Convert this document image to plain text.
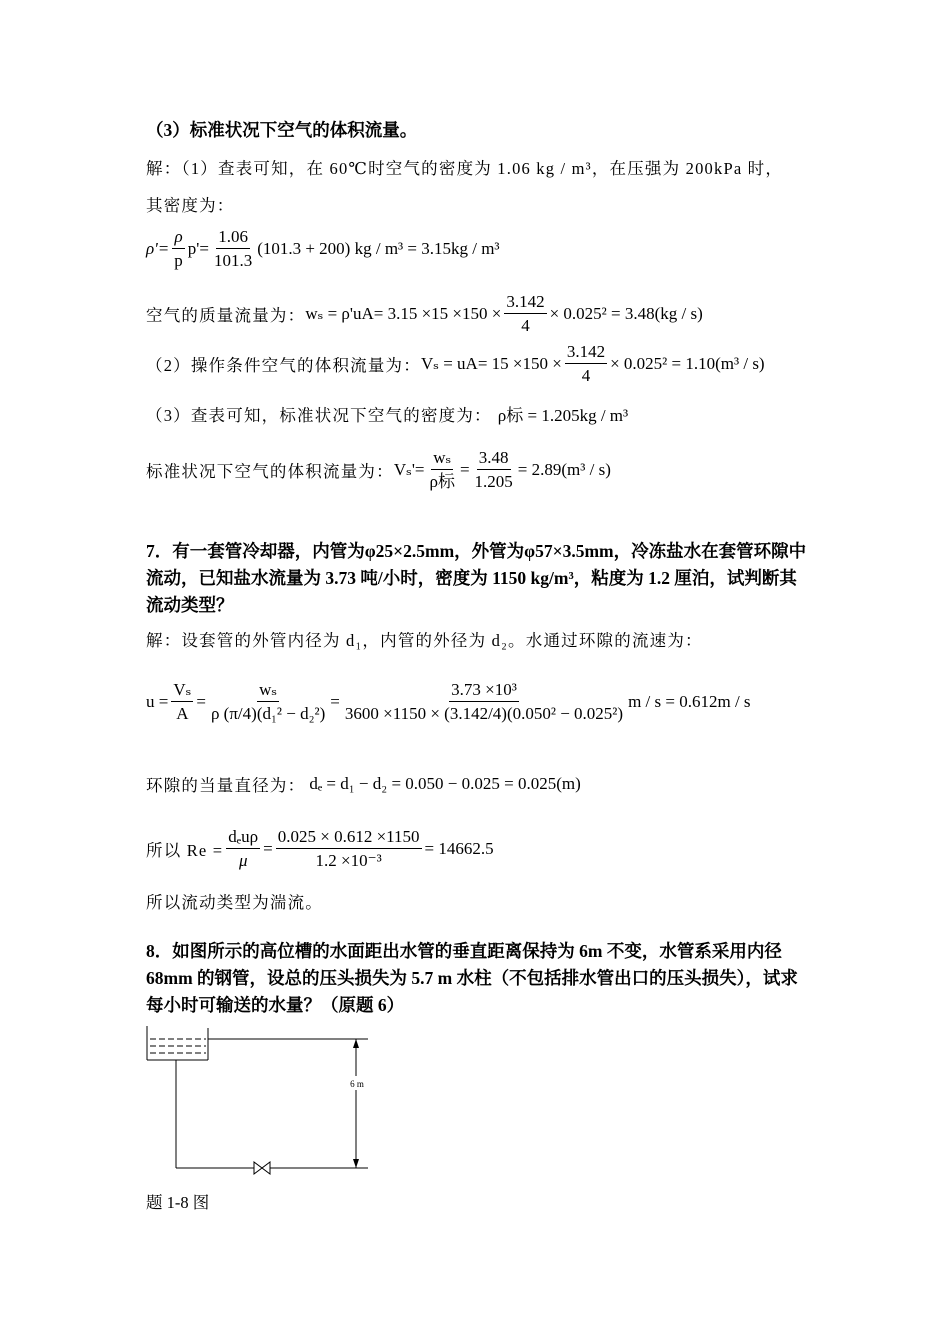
（3）标准状况下空气的体积流量。
解：（1）查表可知，在 60℃时空气的密度为 1.06 kg / m³，在压强为 200kPa 时，
其密度为：
$\rho'= \frac{\rho}{p} p'= \frac{1.06}{101.3} (101.3 + 200)$ kg / m³ = 3.15kg / m³
空气的质量流量为： $w_s = \rho'uA= 3.15 \times 15 \times 150 \times \frac{3.142}{4} \times 0.025^2 = 3.48(kg / s)$
（2）操作条件空气的体积流量为： $V_s = uA= 15 \times 150 \times \frac{3.142}{4} \times 0.025^2 = 1.10(m^3 / s)$
（3）查表可知，标准状况下空气的密度为： ρ标 = 1.205kg / m³
标准状况下空气的体积流量为： $V_s'= \frac{\text{wₛ}}{\text{ρ标}} = \frac{3.48}{1.205} = 2.89(m^3 / s)$
7．有一套管冷却器，内管为φ25×2.5mm，外管为φ57×3.5mm，冷冻盐水在套管环隙中流动，已知盐水流量为 3.73 吨/小时，密度为 1150 kg/m³，粘度为 1.2 厘泊，试判断其流动类型？
解：设套管的外管内径为 d₁，内管的外径为 d₂。水通过环隙的流速为：
$u = \frac{\text{Vₛ}}{A} = \frac{\text{wₛ}}{\text{ρ (π/4)(d₁² − d₂²)}} = \frac{\text{3.73 ×10³}}{\text{3600 ×1150 × (3.142/4)(0.050² − 0.025²)}}$ m / s = 0.612m / s
环隙的当量直径为： dₑ = d₁ − d₂ = 0.050 − 0.025 = 0.025(m)
所以 $Re = \frac{\text{dₑuρ}}{\mu} = \frac{0.025 \times 0.612 \times 1150}{\text{1.2 ×10⁻³}} = 14662.5$
所以流动类型为湍流。
8．如图所示的高位槽的水面距出水管的垂直距离保持为 6m 不变，水管系采用内径 68mm 的钢管，设总的压头损失为 5.7 m 水柱（不包括排水管出口的压头损失），试求每小时可输送的水量？（原题 6）
6 m
题 1-8 图
